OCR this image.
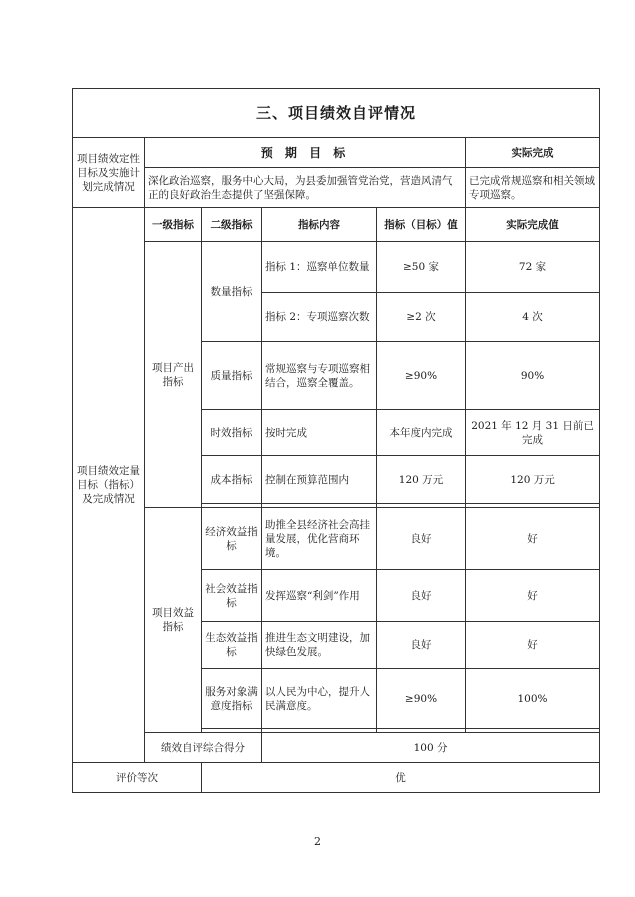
三、项目绩效自评情况					
项目绩效定性目标及实施计划完成情况	预 期 目 标				实际完成
	深化政治巡察，服务中心大局，为县委加强管党治党，营造风清气正的良好政治生态提供了坚强保障。				已完成常规巡察和相关领域专项巡察。
项目绩效定量目标（指标）及完成情况	一级指标	二级指标	指标内容	指标（目标）值	实际完成值
	项目产出指标	数量指标	指标 1：巡察单位数量	≥50 家	72 家
			指标 2：专项巡察次数	≥2 次	4 次
		质量指标	常规巡察与专项巡察相结合，巡察全覆盖。	≥90%	90%
		时效指标	按时完成	本年度内完成	2021 年 12 月 31 日前已完成
		成本指标	控制在预算范围内	120 万元	120 万元

	项目效益指标	经济效益指标	助推全县经济社会高挂量发展，优化营商环境。	良好	好
		社会效益指标	发挥巡察“利剑”作用	良好	好
		生态效益指标	推进生态文明建设，加快绿色发展。	良好	好
		服务对象满意度指标	以人民为中心，提升人民满意度。	≥90%	100%

	绩效自评综合得分		100 分		
评价等次		优			
2
